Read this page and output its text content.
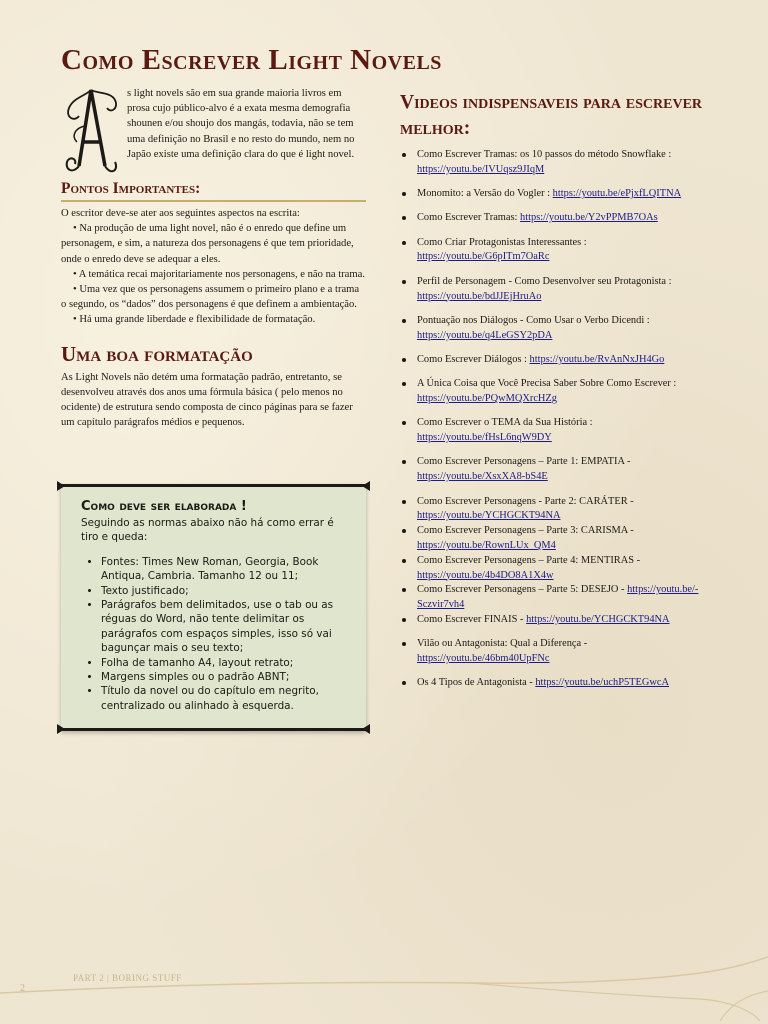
Como Escrever Light Novels

s light novels são em sua grande maioria livros em prosa cujo público-alvo é a exata mesma demografia shounen e/ou shoujo dos mangás, todavia, não se tem uma definição no Brasil e no resto do mundo, nem no Japão existe uma definição clara do que é light novel.

Pontos Importantes:

O escritor deve-se ater aos seguintes aspectos na escrita:

• Na produção de uma light novel, não é o enredo que define um personagem, e sim, a natureza dos personagens é que tem prioridade, onde o enredo deve se adequar a eles.

• A temática recai majoritariamente nos personagens, e não na trama.

• Uma vez que os personagens assumem o primeiro plano e a trama o segundo, os “dados” dos personagens é que definem a ambientação.

• Há uma grande liberdade e flexibilidade de formatação.

Uma boa formatação

As Light Novels não detém uma formatação padrão, entretanto, se desenvolveu através dos anos uma fórmula básica ( pelo menos no ocidente) de estrutura sendo composta de cinco páginas para se fazer um capítulo parágrafos médios e pequenos.

Como deve ser elaborada !

Seguindo as normas abaixo não há como errar é tiro e queda:

• Fontes: Times New Roman, Georgia, Book Antiqua, Cambria. Tamanho 12 ou 11;
• Texto justificado;
• Parágrafos bem delimitados, use o tab ou as réguas do Word, não tente delimitar os parágrafos com espaços simples, isso só vai bagunçar mais o seu texto;
• Folha de tamanho A4, layout retrato;
• Margens simples ou o padrão ABNT;
• Título da novel ou do capítulo em negrito, centralizado ou alinhado à esquerda.
Videos indispensaveis para escrever melhor:
Como Escrever Tramas: os 10 passos do método Snowflake : https://youtu.be/IVUqsz9JIqM
Monomito: a Versão do Vogler : https://youtu.be/ePjxfLQITNA
Como Escrever Tramas: https://youtu.be/Y2vPPMB7OAs
Como Criar Protagonistas Interessantes : https://youtu.be/G6pITm7OaRc
Perfil de Personagem - Como Desenvolver seu Protagonista : https://youtu.be/bdJJEjHruAo
Pontuação nos Diálogos - Como Usar o Verbo Dicendi : https://youtu.be/q4LeGSY2pDA
Como Escrever Diálogos : https://youtu.be/RvAnNxJH4Go
A Única Coisa que Você Precisa Saber Sobre Como Escrever : https://youtu.be/PQwMQXrcHZg
Como Escrever o TEMA da Sua História : https://youtu.be/fHsL6nqW9DY
Como Escrever Personagens – Parte 1: EMPATIA - https://youtu.be/XsxXA8-bS4E
Como Escrever Personagens - Parte 2: CARÁTER - https://youtu.be/YCHGCKT94NA
Como Escrever Personagens – Parte 3: CARISMA - https://youtu.be/RownLUx_QM4
Como Escrever Personagens – Parte 4: MENTIRAS - https://youtu.be/4b4DO8A1X4w
Como Escrever Personagens – Parte 5: DESEJO - https://youtu.be/-Sczvir7vh4
Como Escrever FINAIS - https://youtu.be/YCHGCKT94NA
Vilão ou Antagonista: Qual a Diferença - https://youtu.be/46bm40UpFNc
Os 4 Tipos de Antagonista - https://youtu.be/uchP5TEGwcA
PART 2 | BORING STUFF
2
